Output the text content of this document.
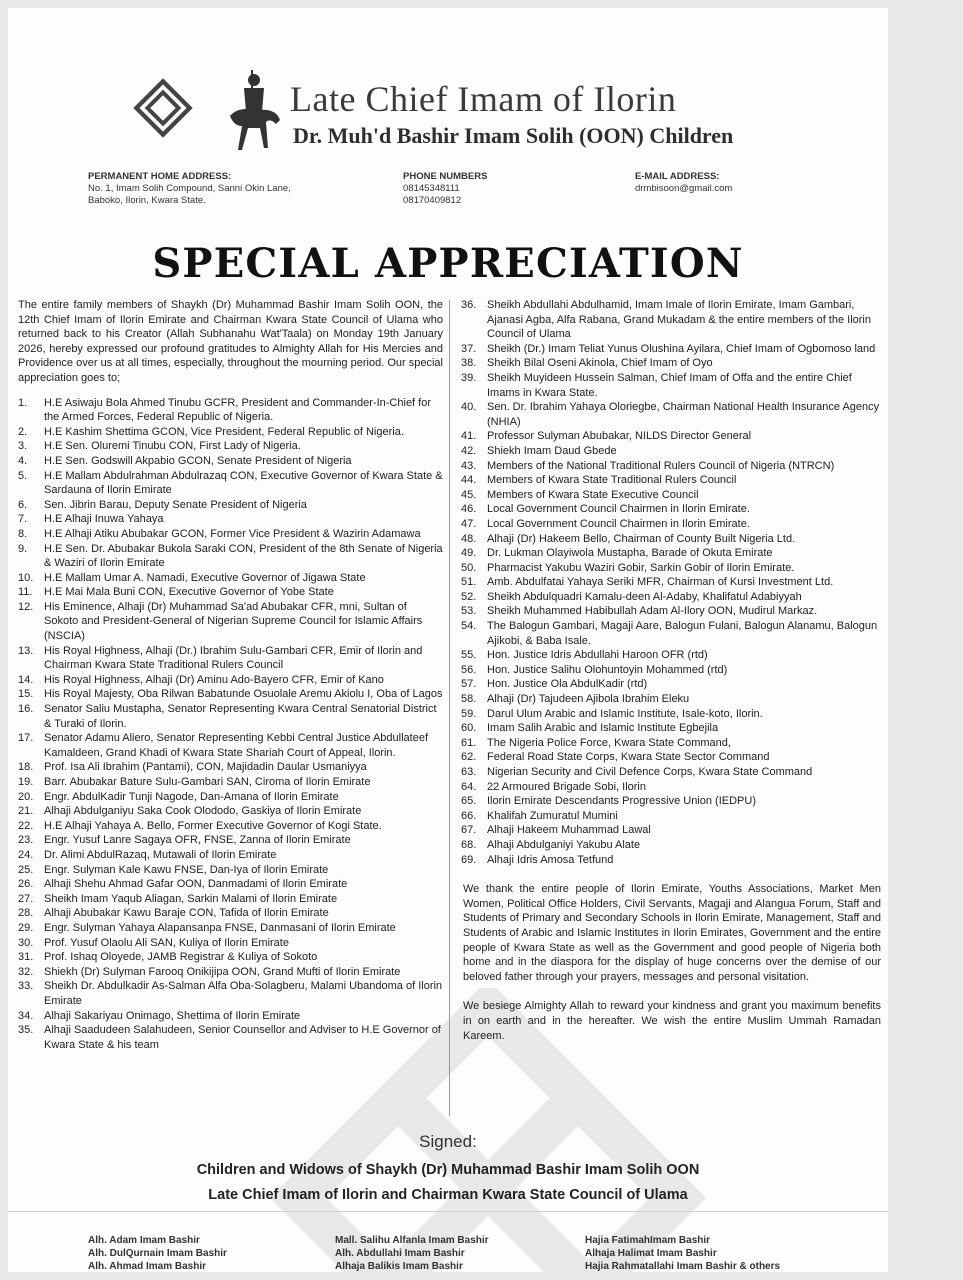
Late Chief Imam of Ilorin
Dr. Muh'd Bashir Imam Solih (OON) Children
PERMANENT HOME ADDRESS:
No. 1, Imam Solih Compound, Sanni Okin Lane,
Baboko, Ilorin, Kwara State.
PHONE NUMBERS
08145348111
08170409812
E-MAIL ADDRESS:
drmbisoon@gmail.com
SPECIAL APPRECIATION

The entire family members of Shaykh (Dr) Muhammad Bashir Imam Solih OON, the 12th Chief Imam of Ilorin Emirate and Chairman Kwara State Council of Ulama who returned back to his Creator (Allah Subhanahu Wat'Taala) on Monday 19th January 2026, hereby expressed our profound gratitudes to Almighty Allah for His Mercies and Providence over us at all times, especially, throughout the mourning period. Our special appreciation goes to;

1.	H.E Asiwaju Bola Ahmed Tinubu GCFR, President and Commander-In-Chief for the Armed Forces, Federal Republic of Nigeria.
2.	H.E Kashim Shettima GCON, Vice President, Federal Republic of Nigeria.
3.	H.E Sen. Oluremi Tinubu CON, First Lady of Nigeria.
4.	H.E Sen. Godswill Akpabio GCON, Senate President of Nigeria
5.	H.E Mallam Abdulrahman Abdulrazaq CON, Executive Governor of Kwara State & Sardauna of Ilorin Emirate
6.	Sen. Jibrin Barau, Deputy Senate President of Nigeria
7.	H.E Alhaji Inuwa Yahaya
8.	H.E Alhaji Atiku Abubakar GCON, Former Vice President & Wazirin Adamawa
9.	H.E Sen. Dr. Abubakar Bukola Saraki CON, President of the 8th Senate of Nigeria & Waziri of Ilorin Emirate
10. H.E Mallam Umar A. Namadi, Executive Governor of Jigawa State
11.	H.E Mai Mala Buni CON, Executive Governor of Yobe State
12. His Eminence, Alhaji (Dr) Muhammad Sa'ad Abubakar CFR, mni, Sultan of Sokoto and President-General of Nigerian Supreme Council for Islamic Affairs (NSCIA)
13. His Royal Highness, Alhaji (Dr.) Ibrahim Sulu-Gambari CFR, Emir of Ilorin and Chairman Kwara State Traditional Rulers Council
14. His Royal Highness, Alhaji (Dr) Aminu Ado-Bayero CFR, Emir of Kano
15. His Royal Majesty, Oba Rilwan Babatunde Osuolale Aremu Akiolu I, Oba of Lagos
16. Senator Saliu Mustapha, Senator Representing Kwara Central Senatorial District & Turaki of Ilorin.
17. Senator Adamu Aliero, Senator Representing Kebbi Central Justice Abdullateef Kamaldeen, Grand Khadi of Kwara State Shariah Court of Appeal, Ilorin.
18. Prof. Isa Ali Ibrahim (Pantami), CON, Majidadin Daular Usmaniyya
19. Barr. Abubakar Bature Sulu-Gambari SAN, Ciroma of Ilorin Emirate
20. Engr. AbdulKadir Tunji Nagode, Dan-Amana of Ilorin Emirate
21. Alhaji Abdulganiyu Saka Cook Olododo, Gaskiya of Ilorin Emirate
22. H.E Alhaji Yahaya A. Bello, Former Executive Governor of Kogi State.
23. Engr. Yusuf Lanre Sagaya OFR, FNSE, Zanna of Ilorin Emirate
24. Dr. Alimi AbdulRazaq, Mutawali of Ilorin Emirate
25. Engr. Sulyman Kale Kawu FNSE, Dan-Iya of Ilorin Emirate
26. Alhaji Shehu Ahmad Gafar OON, Danmadami of Ilorin Emirate
27. Sheikh Imam Yaqub Aliagan, Sarkin Malami of Ilorin Emirate
28. Alhaji Abubakar Kawu Baraje CON, Tafida of Ilorin Emirate
29. Engr. Sulyman Yahaya Alapansanpa FNSE, Danmasani of Ilorin Emirate
30. Prof. Yusuf Olaolu Ali SAN, Kuliya of Ilorin Emirate
31. Prof. Ishaq Oloyede, JAMB Registrar & Kuliya of Sokoto
32. Shiekh (Dr) Sulyman Farooq Onikijipa OON, Grand Mufti of Ilorin Emirate
33. Sheikh Dr. Abdulkadir As-Salman Alfa Oba-Solagberu, Malami Ubandoma of Ilorin Emirate
34. Alhaji Sakariyau Onimago, Shettima of Ilorin Emirate
35. Alhaji Saadudeen Salahudeen, Senior Counsellor and Adviser to H.E Governor of Kwara State & his team
36. Sheikh Abdullahi Abdulhamid, Imam Imale of Ilorin Emirate, Imam Gambari, Ajanasi Agba, Alfa Rabana, Grand Mukadam & the entire members of the Ilorin Council of Ulama
37. Sheikh (Dr.) Imam Teliat Yunus Olushina Ayilara, Chief Imam of Ogbomoso land
38. Sheikh Bilal Oseni Akinola, Chief Imam of Oyo
39. Sheikh Muyideen Hussein Salman, Chief Imam of Offa and the entire Chief Imams in Kwara State.
40. Sen. Dr. Ibrahim Yahaya Oloriegbe, Chairman National Health Insurance Agency (NHIA)
41. Professor Sulyman Abubakar, NILDS Director General
42. Shiekh Imam Daud Gbede
43. Members of the National Traditional Rulers Council of Nigeria (NTRCN)
44. Members of Kwara State Traditional Rulers Council
45. Members of Kwara State Executive Council
46. Local Government Council Chairmen in Ilorin Emirate.
47. Local Government Council Chairmen in Ilorin Emirate.
48. Alhaji (Dr) Hakeem Bello, Chairman of County Built Nigeria Ltd.
49. Dr. Lukman Olayiwola Mustapha, Barade of Okuta Emirate
50. Pharmacist Yakubu Waziri Gobir, Sarkin Gobir of Ilorin Emirate.
51. Amb. Abdulfatai Yahaya Seriki MFR, Chairman of Kursi Investment Ltd.
52. Sheikh Abdulquadri Kamalu-deen Al-Adaby, Khalifatul Adabiyyah
53. Sheikh Muhammed Habibullah Adam Al-Ilory OON, Mudirul Markaz.
54. The Balogun Gambari, Magaji Aare, Balogun Fulani, Balogun Alanamu, Balogun Ajikobi, & Baba Isale.
55. Hon. Justice Idris Abdullahi Haroon OFR (rtd)
56. Hon. Justice Salihu Olohuntoyin Mohammed (rtd)
57. Hon. Justice Ola AbdulKadir (rtd)
58. Alhaji (Dr) Tajudeen Ajibola Ibrahim Eleku
59. Darul Ulum Arabic and Islamic Institute, Isale-koto, Ilorin.
60. Imam Salih Arabic and Islamic Institute Egbejila
61. The Nigeria Police Force, Kwara State Command,
62. Federal Road State Corps, Kwara State Sector Command
63. Nigerian Security and Civil Defence Corps, Kwara State Command
64. 22 Armoured Brigade Sobi, Ilorin
65. Ilorin Emirate Descendants Progressive Union (IEDPU)
66. Khalifah Zumuratul Mumini
67. Alhaji Hakeem Muhammad Lawal
68. Alhaji Abdulganiyi Yakubu Alate
69. Alhaji Idris Amosa Tetfund

We thank the entire people of Ilorin Emirate, Youths Associations, Market Men Women, Political Office Holders, Civil Servants, Magaji and Alangua Forum, Staff and Students of Primary and Secondary Schools in Ilorin Emirate, Management, Staff and Students of Arabic and Islamic Institutes in Ilorin Emirates, Government and the entire people of Kwara State as well as the Government and good people of Nigeria both home and in the diaspora for the display of huge concerns over the demise of our beloved father through your prayers, messages and personal visitation.

We besiege Almighty Allah to reward your kindness and grant you maximum benefits in on earth and in the hereafter. We wish the entire Muslim Ummah Ramadan Kareem.

Signed:
Children and Widows of Shaykh (Dr) Muhammad Bashir Imam Solih OON
Late Chief Imam of Ilorin and Chairman Kwara State Council of Ulama
Alh. Adam Imam Bashir
Alh. DulQurnain Imam Bashir
Alh. Ahmad Imam Bashir
Mall. Salihu Alfanla Imam Bashir
Alh. Abdullahi Imam Bashir
Alhaja Balikis Imam Bashir
Hajia FatimahImam Bashir
Alhaja Halimat Imam Bashir
Hajia Rahmatallahi Imam Bashir & others
